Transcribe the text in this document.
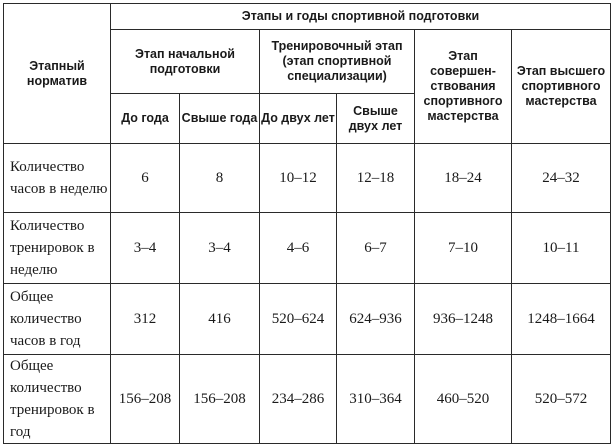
Этапный норматив	Этапы и годы спортивной подготовки					
	Этап начальной подготовки		Тренировочный этап (этап спортивной специализации)		Этап совершен-ствования спортивного мастерства	Этап высшего спортивного мастерства
	До года	Свыше года	До двух лет	Свыше двух лет		
Количество часов в неделю	6	8	10–12	12–18	18–24	24–32
Количество тренировок в неделю	3–4	3–4	4–6	6–7	7–10	10–11
Общее количество часов в год	312	416	520–624	624–936	936–1248	1248–1664
Общее количество тренировок в год	156–208	156–208	234–286	310–364	460–520	520–572
